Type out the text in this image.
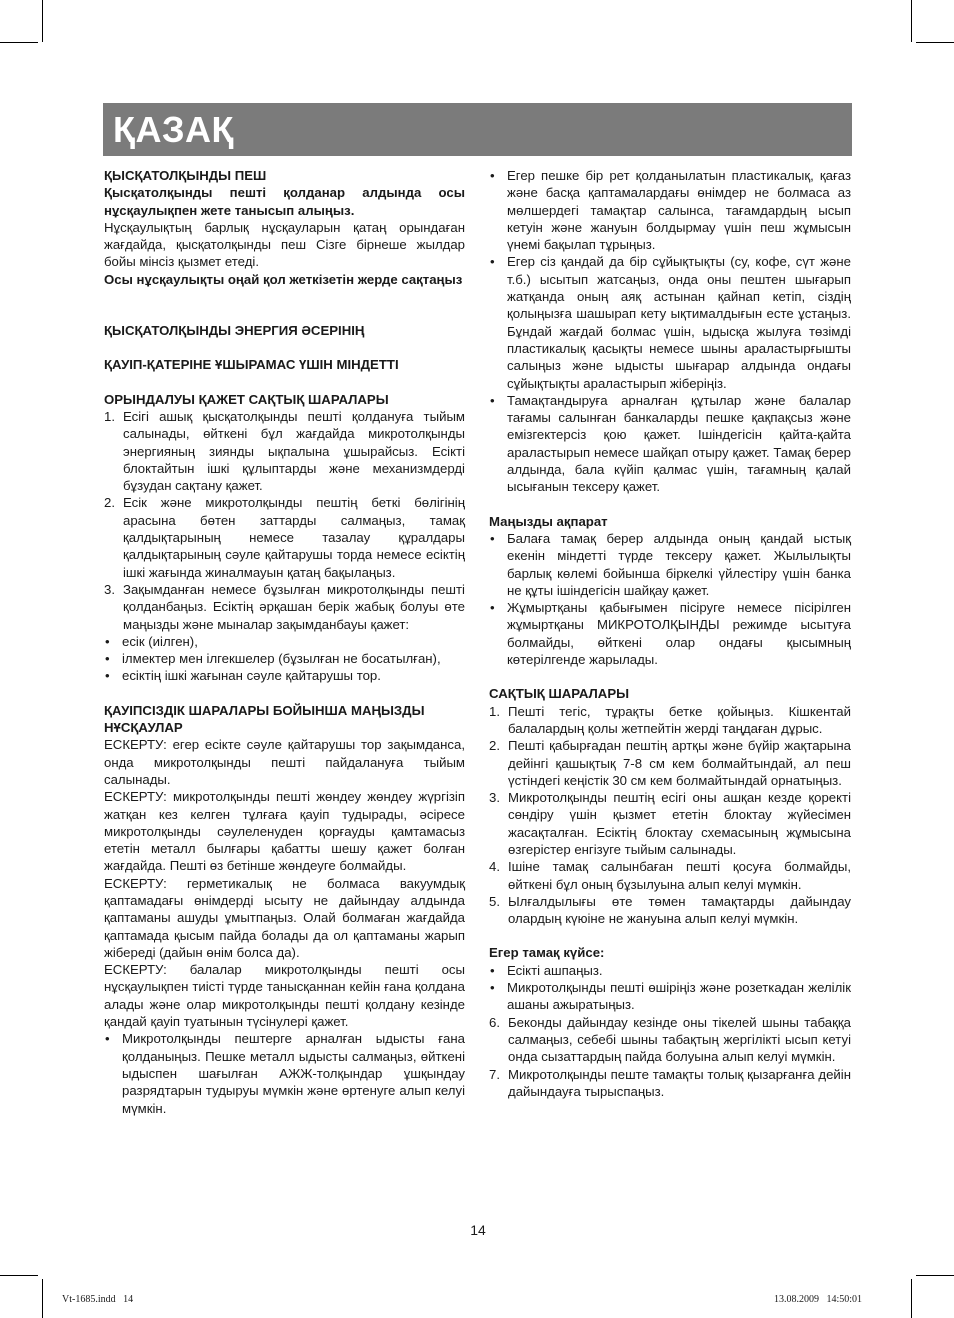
ҚАЗАҚ

ҚЫСҚАТОЛҚЫНДЫ ПЕШ

Қысқатолқынды пешті қолданар алдында осы нұсқаулықпен жете танысып алыңыз.

Нұсқаулықтың барлық нұсқауларын қатаң орындаған жағдайда, қысқатолқынды пеш Сізге бірнеше жылдар бойы мінсіз қызмет етеді.

Осы нұсқаулықты оңай қол жеткізетін жерде сақтаңыз

ҚЫСҚАТОЛҚЫНДЫ ЭНЕРГИЯ ӘСЕРІНІҢ

ҚАУІП-ҚАТЕРІНЕ ҰШЫРАМАС ҮШІН МІНДЕТТІ

ОРЫНДАЛУЫ ҚАЖЕТ САҚТЫҚ ШАРАЛАРЫ

1. Есігі ашық қысқатолқынды пешті қолдануға тыйым салынады, өйткені бұл жағдайда микротолқынды энергияның зиянды ықпалына ұшырайсыз. Есікті блоктайтын ішкі құлыптарды және механизмдерді бұзудан сақтану қажет.
2. Есік және микротолқынды пештің беткі бөлігінің арасына бөтен заттарды салмаңыз, тамақ қалдықтарының немесе тазалау құралдары қалдықтарының сәуле қайтарушы торда немесе есіктің ішкі жағында жиналмауын қатаң бақылаңыз.
3. Зақымданған немесе бұзылған микротолқынды пешті қолданбаңыз. Есіктің әрқашан берік жабық болуы өте маңызды және мыналар зақымданбауы қажет:
• есік (иілген),
• ілмектер мен ілгекшелер (бұзылған не босатылған),
• есіктің ішкі жағынан сәуле қайтарушы тор.

ҚАУІПСІЗДІК ШАРАЛАРЫ БОЙЫНША МАҢЫЗДЫ НҰСҚАУЛАР

ЕСКЕРТУ: егер есікте сәуле қайтарушы тор зақымданса, онда микротолқынды пешті пайдалануға тыйым салынады.

ЕСКЕРТУ: микротолқынды пешті жөндеу жөндеу жүргізіп жатқан кез келген тұлғаға қауіп тудырады, әсіресе микротолқынды сәулеленуден қорғауды қамтамасыз ететін металл былғары қабатты шешу қажет болған жағдайда. Пешті өз бетінше жөндеуге болмайды.

ЕСКЕРТУ: герметикалық не болмаса вакуумдық қаптамадағы өнімдерді ысыту не дайындау алдында қаптаманы ашуды ұмытпаңыз. Олай болмаған жағдайда қаптамада қысым пайда болады да ол қаптаманы жарып жібереді (дайын өнім болса да).

ЕСКЕРТУ: балалар микротолқынды пешті осы нұсқаулықпен тиісті түрде танысқаннан кейін ғана қолдана алады және олар микротолқынды пешті қолдану кезінде қандай қауіп туатынын түсінулері қажет.

• Микротолқынды пештерге арналған ыдысты ғана қолданыңыз. Пешке металл ыдысты салмаңыз, өйткені ыдыспен шағылған АЖЖ-толқындар ұшқындау разрядтарын тудыруы мүмкін және өртенуге алып келуі мүмкін.
• Егер пешке бір рет қолданылатын пластикалық, қағаз және басқа қаптамалардағы өнімдер не болмаса аз мөлшердегі тамақтар салынса, тағамдардың ысып кетуін және жануын болдырмау үшін пеш жұмысын үнемі бақылап тұрыңыз.
• Егер сіз қандай да бір сұйықтықты (су, кофе, сүт және т.б.) ысытып жатсаңыз, онда оны пештен шығарып жатқанда оның аяқ астынан қайнап кетіп, сіздің қолыңызға шашырап кету ықтималдығын есте ұстаңыз. Бұндай жағдай болмас үшін, ыдысқа жылуға төзімді пластикалық қасықты немесе шыны араластырғышты салыңыз және ыдысты шығарар алдында ондағы сұйықтықты араластырып жіберіңіз.
• Тамақтандыруға арналған құтылар және балалар тағамы салынған банкаларды пешке қақпақсыз және емізгектерсіз қою қажет. Ішіндегісін қайта-қайта араластырып немесе шайқап отыру қажет. Тамақ берер алдында, бала күйіп қалмас үшін, тағамның қалай ысығанын тексеру қажет.

Маңызды ақпарат

• Балаға тамақ берер алдында оның қандай ыстық екенін міндетті түрде тексеру қажет. Жылылықты барлық көлемі бойынша біркелкі үйлестіру үшін банка не құты ішіндегісін шайқау қажет.
• Жұмыртқаны қабығымен пісіруге немесе пісірілген жұмыртқаны МИКРОТОЛҚЫНДЫ режимде ысытуға болмайды, өйткені олар ондағы қысымның көтерілгенде жарылады.

САҚТЫҚ ШАРАЛАРЫ

1. Пешті тегіс, тұрақты бетке қойыңыз. Кішкентай балалардың қолы жетпейтін жерді таңдаған дұрыс.
2. Пешті қабырғадан пештің артқы және бүйір жақтарына дейінгі қашықтық 7-8 см кем болмайтындай, ал пеш үстіндегі кеңістік 30 см кем болмайтындай орнатыңыз.
3. Микротолқынды пештің есігі оны ашқан кезде қоректі сөндіру үшін қызмет ететін блоктау жүйесімен жасақталған. Есіктің блоктау схемасының жұмысына өзгерістер енгізуге тыйым салынады.
4. Ішіне тамақ салынбаған пешті қосуға болмайды, өйткені бұл оның бұзылуына алып келуі мүмкін.
5. Ылғалдылығы өте төмен тамақтарды дайындау олардың күюіне не жануына алып келуі мүмкін.

Егер тамақ күйсе:

• Есікті ашпаңыз.
• Микротолқынды пешті өшіріңіз және розеткадан желілік ашаны ажыратыңыз.
6. Беконды дайындау кезінде оны тікелей шыны табаққа салмаңыз, себебі шыны табақтың жергілікті ысып кетуі онда сызаттардың пайда болуына алып келуі мүмкін.
7. Микротолқынды пеште тамақты толық қызарғанға дейін дайындауға тырыспаңыз.
14
Vt-1685.indd   14	13.08.2009   14:50:01
